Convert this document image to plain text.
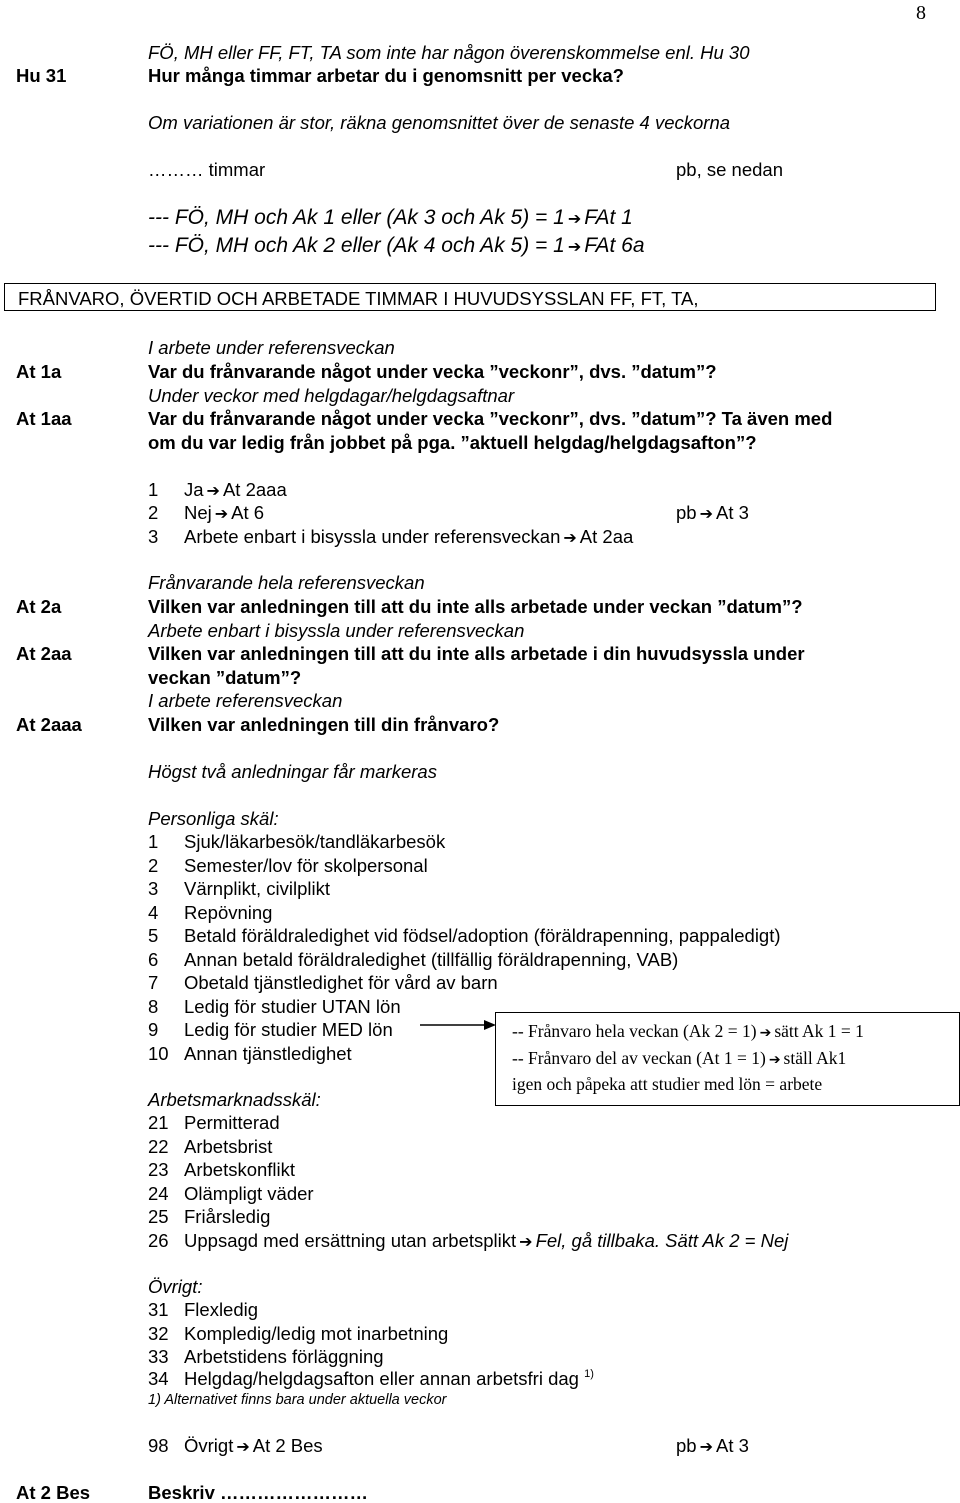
8
FÖ, MH eller FF, FT, TA som inte har någon överenskommelse enl. Hu 30
Hu 31	Hur många timmar arbetar du i genomsnitt per vecka?
Om variationen är stor, räkna genomsnittet över de senaste 4 veckorna
……… timmar	pb, se nedan
--- FÖ, MH och Ak 1 eller (Ak 3 och Ak 5) = 1 ➔ FAt 1
--- FÖ, MH och Ak 2 eller (Ak 4 och Ak 5) = 1 ➔ FAt 6a
FRÅNVARO, ÖVERTID OCH ARBETADE TIMMAR I HUVUDSYSSLAN FF, FT, TA,
I arbete under referensveckan
At 1a	Var du frånvarande något under vecka ”veckonr”, dvs. ”datum”?
Under veckor med helgdagar/helgdagsaftnar
At 1aa	Var du frånvarande något under vecka ”veckonr”, dvs. ”datum”? Ta även med
om du var ledig från jobbet på pga. ”aktuell helgdag/helgdagsafton”?
1 Ja ➔ At 2aaa
2 Nej ➔ At 6	pb ➔ At 3
3 Arbete enbart i bisyssla under referensveckan ➔ At 2aa
Frånvarande hela referensveckan
At 2a	Vilken var anledningen till att du inte alls arbetade under veckan ”datum”?
Arbete enbart i bisyssla under referensveckan
At 2aa	Vilken var anledningen till att du inte alls arbetade i din huvudsyssla under
veckan ”datum”?
I arbete referensveckan
At 2aaa	Vilken var anledningen till din frånvaro?
Högst två anledningar får markeras
Personliga skäl:
1 Sjuk/läkarbesök/tandläkarbesök
2 Semester/lov för skolpersonal
3 Värnplikt, civilplikt
4 Repövning
5 Betald föräldraledighet vid födsel/adoption (föräldrapenning, pappaledigt)
6 Annan betald föräldraledighet (tillfällig föräldrapenning, VAB)
7 Obetald tjänstledighet för vård av barn
8 Ledig för studier UTAN lön
9 Ledig för studier MED lön
10 Annan tjänstledighet
-- Frånvaro hela veckan (Ak 2 = 1) ➔ sätt Ak 1 = 1
-- Frånvaro del av veckan (At 1 = 1) ➔ ställ Ak1
igen och påpeka att studier med lön = arbete
Arbetsmarknadsskäl:
21 Permitterad
22 Arbetsbrist
23 Arbetskonflikt
24 Olämpligt väder
25 Friårsledig
26 Uppsagd med ersättning utan arbetsplikt ➔ Fel, gå tillbaka. Sätt Ak 2 = Nej
Övrigt:
31 Flexledig
32 Kompledig/ledig mot inarbetning
33 Arbetstidens förläggning
34 Helgdag/helgdagsafton eller annan arbetsfri dag $^{1)}$
1) Alternativet finns bara under aktuella veckor
98 Övrigt ➔ At 2 Bes	pb ➔ At 3
At 2 Bes	Beskriv ……………………
